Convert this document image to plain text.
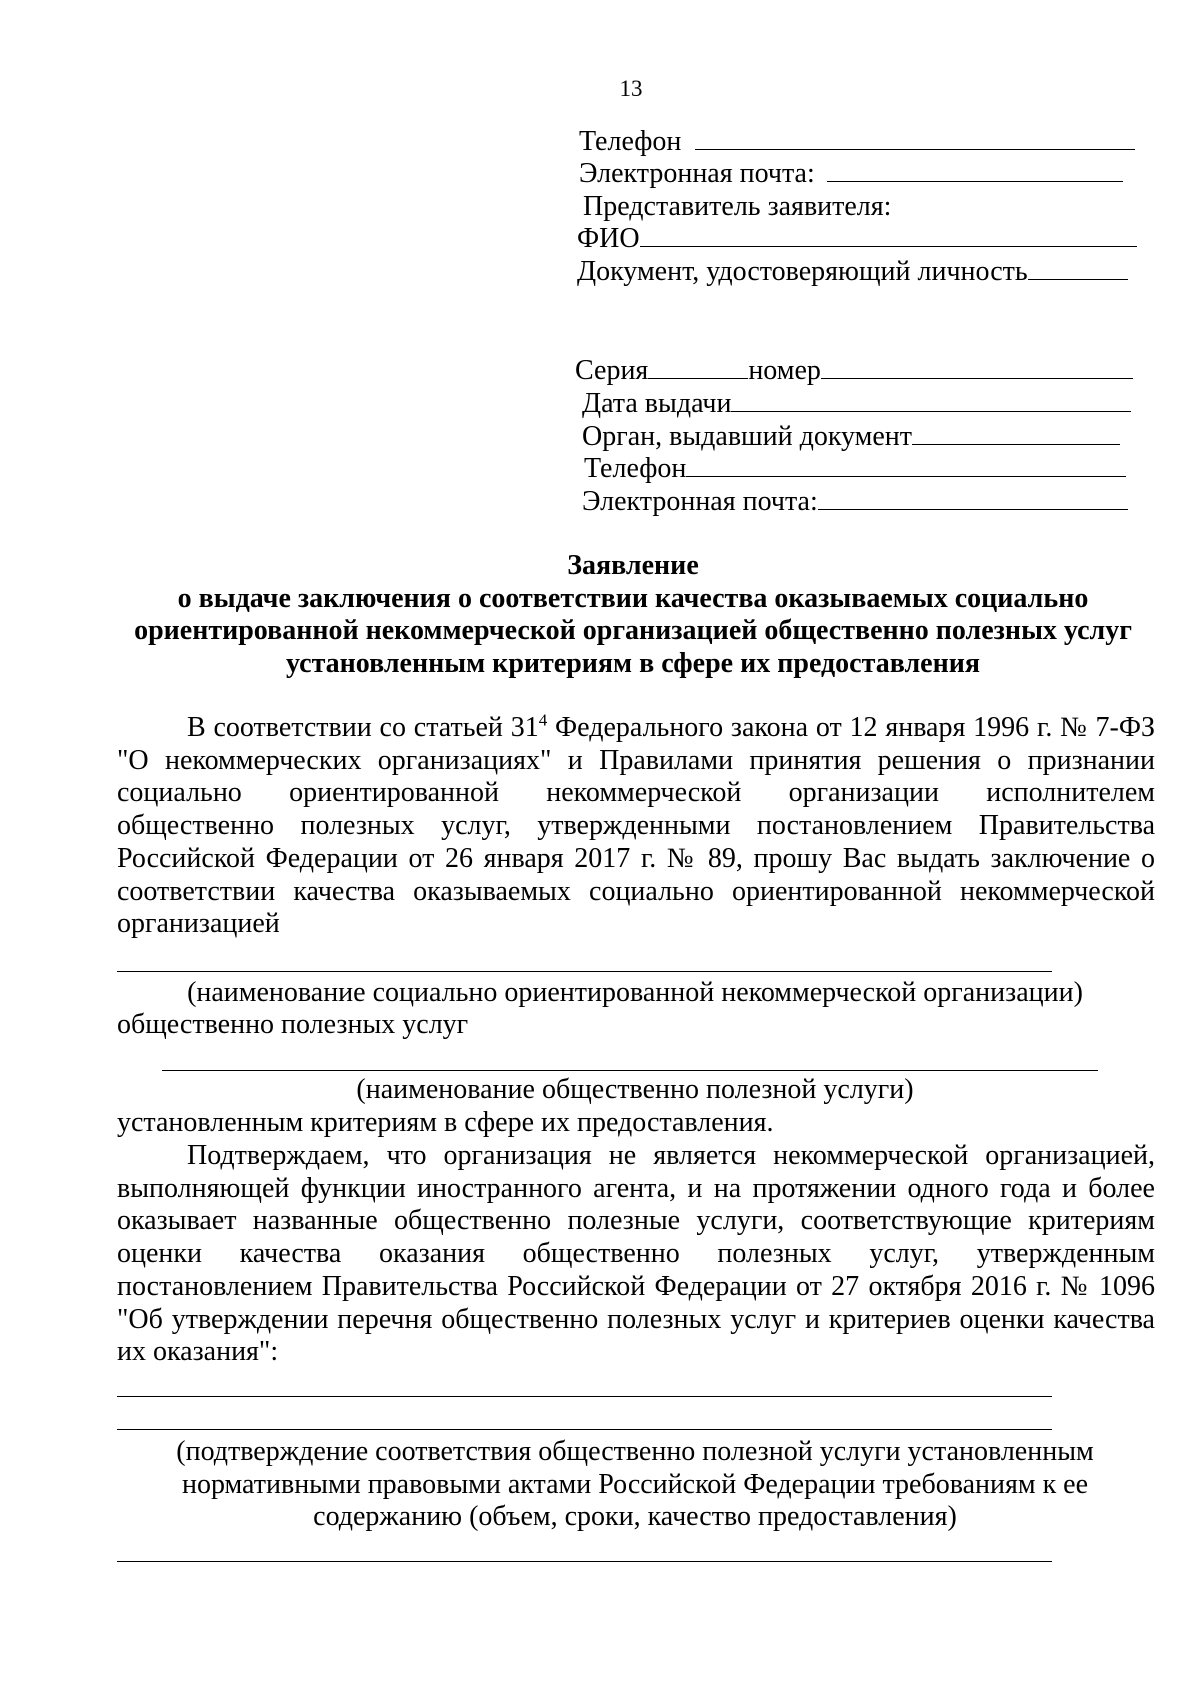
13
Телефон
Электронная почта:
Представитель заявителя:
ФИО
Документ, удостоверяющий личность
Серия	номер
Дата выдачи
Орган, выдавший документ
Телефон
Электронная почта:
Заявление
о выдаче заключения о соответствии качества оказываемых социально ориентированной некоммерческой организацией общественно полезных услуг установленным критериям в сфере их предоставления

В соответствии со статьей $31^4$ Федерального закона от 12 января 1996 г. № 7-ФЗ "О некоммерческих организациях" и Правилами принятия решения о признании социально ориентированной некоммерческой организации исполнителем общественно полезных услуг, утвержденными постановлением Правительства Российской Федерации от 26 января 2017 г. № 89, прошу Вас выдать заключение о соответствии качества оказываемых социально ориентированной некоммерческой организацией

(наименование социально ориентированной некоммерческой организации)
общественно полезных услуг
(наименование общественно полезной услуги)
установленным критериям в сфере их предоставления.

Подтверждаем, что организация не является некоммерческой организацией, выполняющей функции иностранного агента, и на протяжении одного года и более оказывает названные общественно полезные услуги, соответствующие критериям оценки качества оказания общественно полезных услуг, утвержденным постановлением Правительства Российской Федерации от 27 октября 2016 г. № 1096 "Об утверждении перечня общественно полезных услуг и критериев оценки качества их оказания":

(подтверждение соответствия общественно полезной услуги установленным нормативными правовыми актами Российской Федерации требованиям к ее содержанию (объем, сроки, качество предоставления)
